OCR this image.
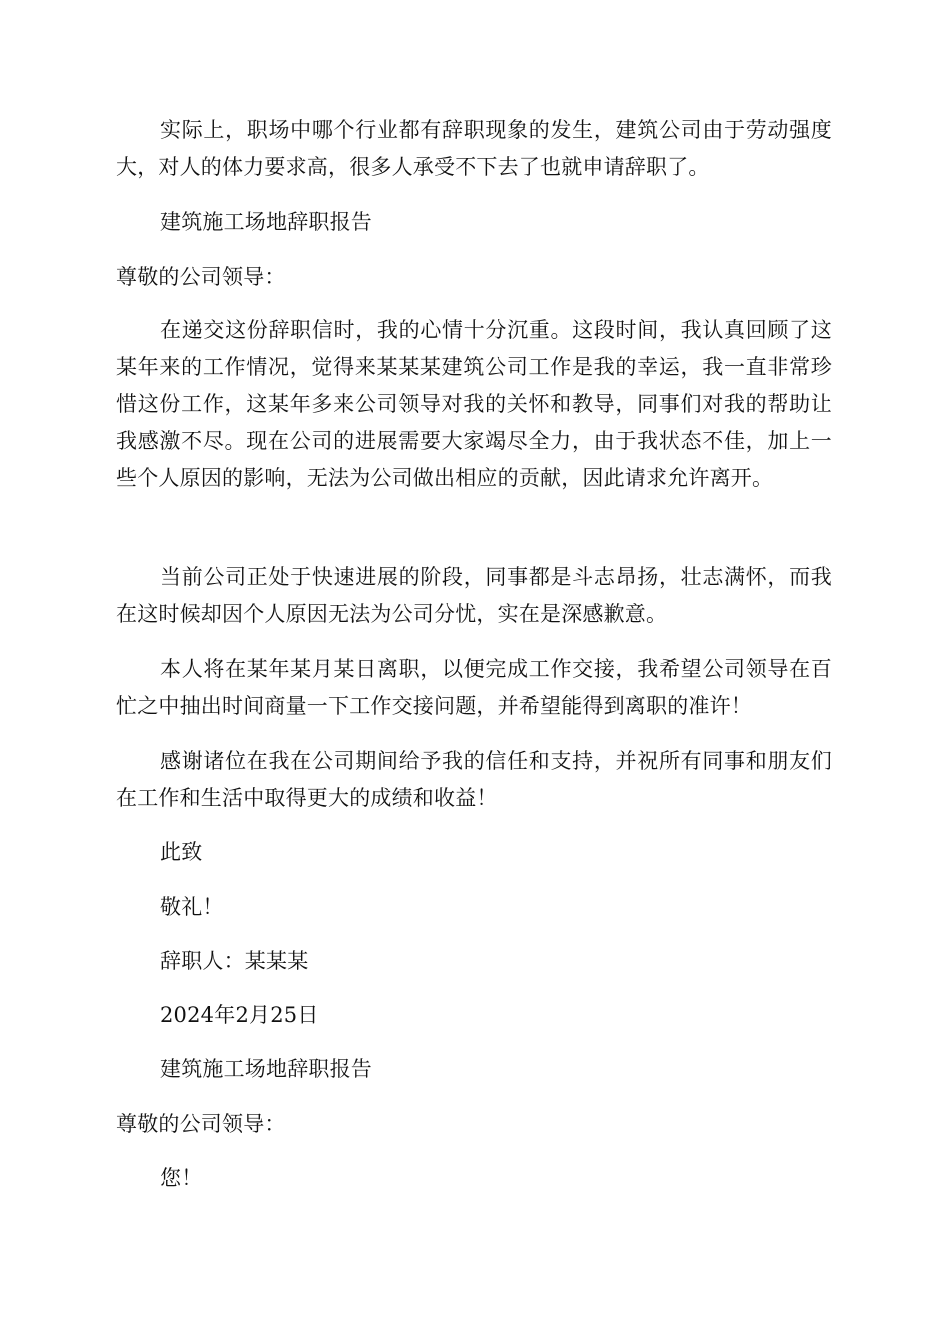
实际上，职场中哪个行业都有辞职现象的发生，建筑公司由于劳动强度大，对人的体力要求高，很多人承受不下去了也就申请辞职了。

建筑施工场地辞职报告

尊敬的公司领导：

在递交这份辞职信时，我的心情十分沉重。这段时间，我认真回顾了这某年来的工作情况，觉得来某某某建筑公司工作是我的幸运，我一直非常珍惜这份工作，这某年多来公司领导对我的关怀和教导，同事们对我的帮助让我感激不尽。现在公司的进展需要大家竭尽全力，由于我状态不佳，加上一些个人原因的影响，无法为公司做出相应的贡献，因此请求允许离开。

当前公司正处于快速进展的阶段，同事都是斗志昂扬，壮志满怀，而我在这时候却因个人原因无法为公司分忧，实在是深感歉意。

本人将在某年某月某日离职，以便完成工作交接，我希望公司领导在百忙之中抽出时间商量一下工作交接问题，并希望能得到离职的准许！

感谢诸位在我在公司期间给予我的信任和支持，并祝所有同事和朋友们在工作和生活中取得更大的成绩和收益！

此致

敬礼！

辞职人：某某某

2024年2月25日

建筑施工场地辞职报告

尊敬的公司领导：

您！
